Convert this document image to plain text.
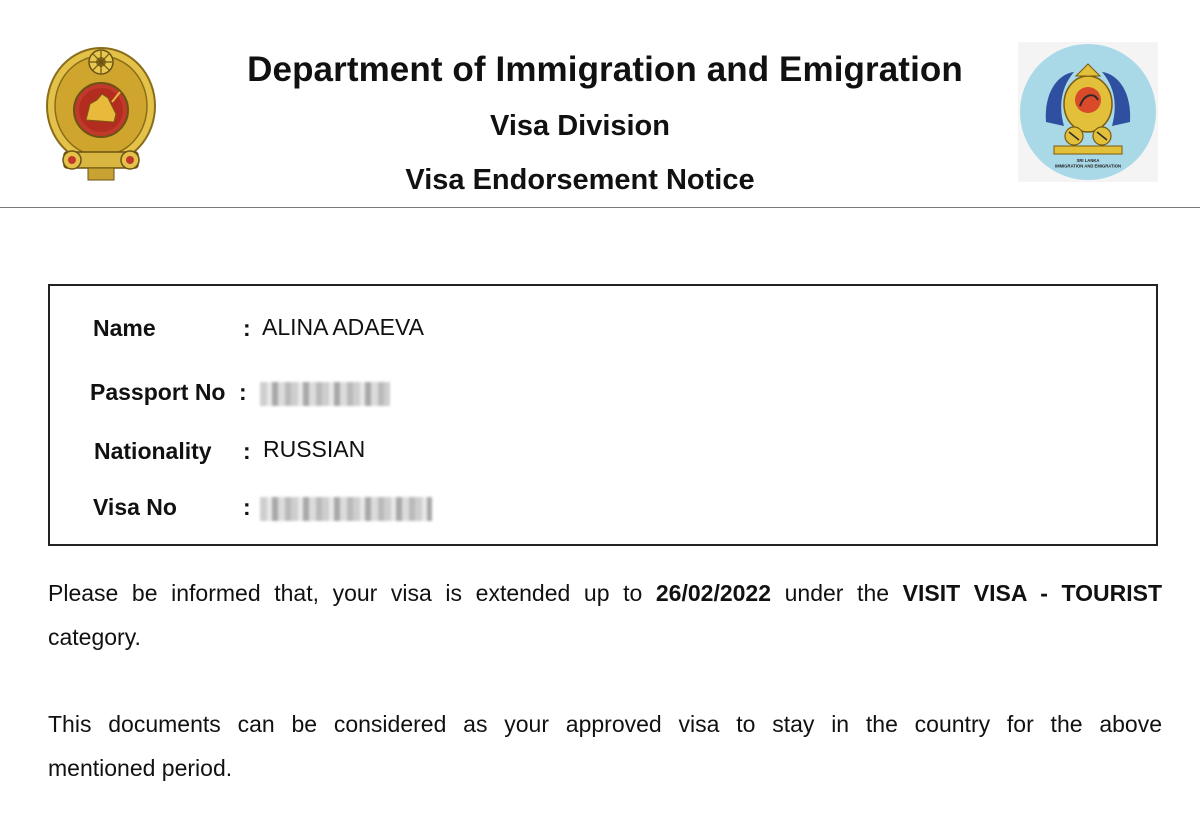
Department of Immigration and Emigration
Visa Division
Visa Endorsement Notice
SRI LANKA
IMMIGRATION AND EMIGRATION
Name	: ALINA ADAEVA
Passport No :
Nationality : RUSSIAN
Visa No	:
Please be informed that, your visa is extended up to 26/02/2022 under the VISIT VISA - TOURIST
category.
This documents can be considered as your approved visa to stay in the country for the above
mentioned period.
